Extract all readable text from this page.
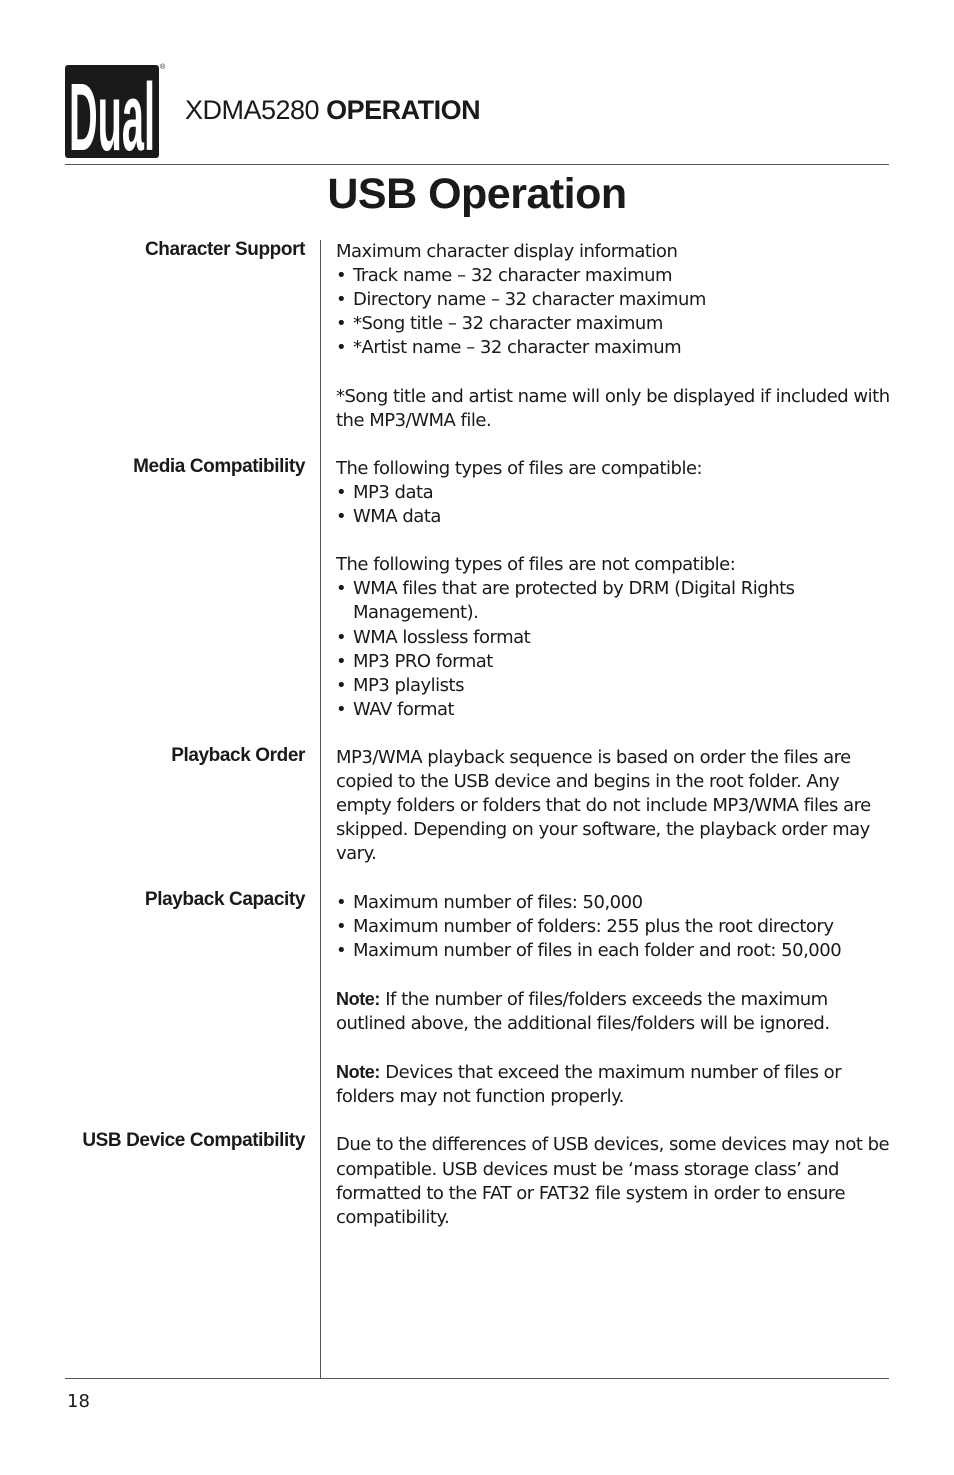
Dual ®
XDMA5280 OPERATION
USB Operation
Character Support
Media Compatibility
Playback Order
Playback Capacity
USB Device Compatibility

Maximum character display information

• Track name – 32 character maximum
• Directory name – 32 character maximum
• *Song title – 32 character maximum
• *Artist name – 32 character maximum

*Song title and artist name will only be displayed if included with the MP3/WMA file.

The following types of files are compatible:

• MP3 data
• WMA data

The following types of files are not compatible:

• WMA files that are protected by DRM (Digital Rights Management).
• WMA lossless format
• MP3 PRO format
• MP3 playlists
• WAV format

MP3/WMA playback sequence is based on order the files are copied to the USB device and begins in the root folder. Any empty folders or folders that do not include MP3/WMA files are skipped. Depending on your software, the playback order may vary.

• Maximum number of files: 50,000
• Maximum number of folders: 255 plus the root directory
• Maximum number of files in each folder and root: 50,000

Note: If the number of files/folders exceeds the maximum outlined above, the additional files/folders will be ignored.

Note: Devices that exceed the maximum number of files or folders may not function properly.

Due to the differences of USB devices, some devices may not be compatible. USB devices must be ‘mass storage class’ and formatted to the FAT or FAT32 file system in order to ensure compatibility.

18
